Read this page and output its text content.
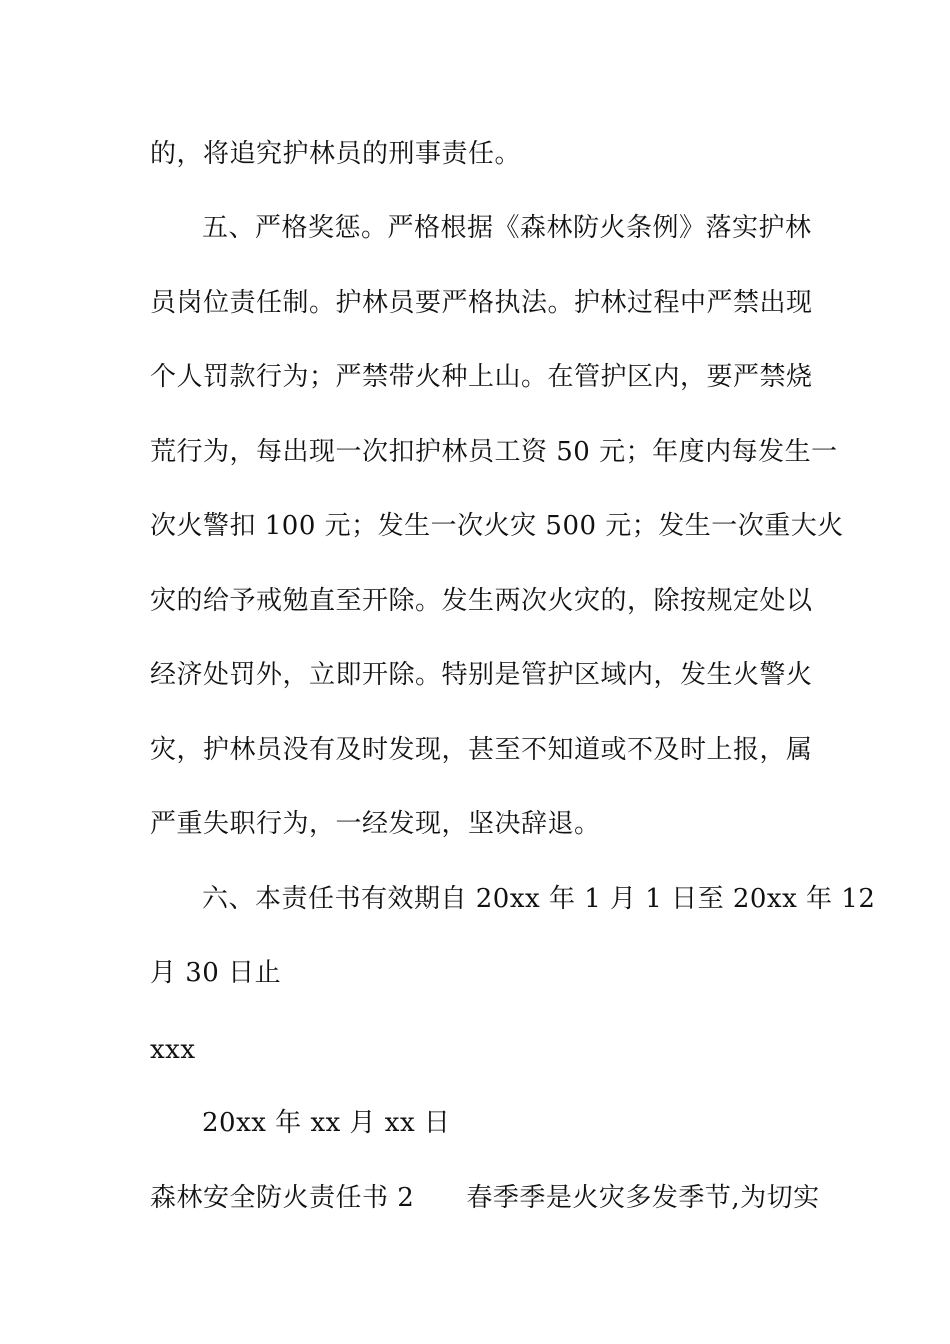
的，将追究护林员的刑事责任。
五、严格奖惩。严格根据《森林防火条例》落实护林
员岗位责任制。护林员要严格执法。护林过程中严禁出现
个人罚款行为；严禁带火种上山。在管护区内，要严禁烧
荒行为，每出现一次扣护林员工资 50 元；年度内每发生一
次火警扣 100 元；发生一次火灾 500 元；发生一次重大火
灾的给予戒勉直至开除。发生两次火灾的，除按规定处以
经济处罚外，立即开除。特别是管护区域内，发生火警火
灾，护林员没有及时发现，甚至不知道或不及时上报，属
严重失职行为，一经发现，坚决辞退。
六、本责任书有效期自 20xx 年 1 月 1 日至 20xx 年 12
月 30 日止
xxx
20xx 年 xx 月 xx 日
森林安全防火责任书 2 春季季是火灾多发季节,为切实
